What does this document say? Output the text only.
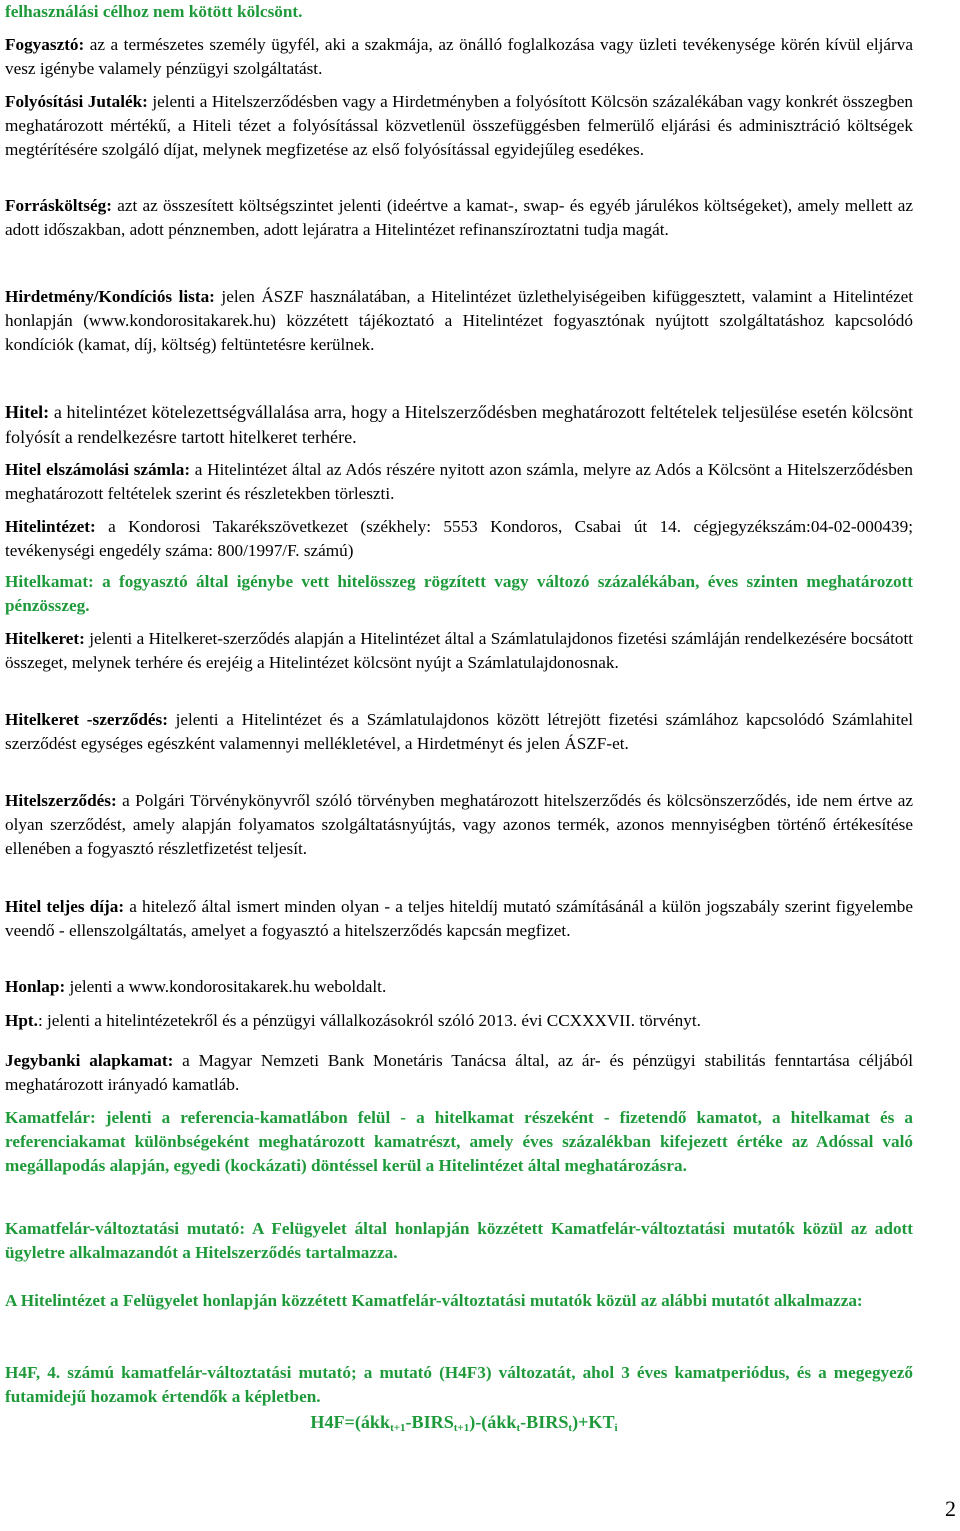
felhasználási célhoz nem kötött kölcsönt.

Fogyasztó: az a természetes személy ügyfél, aki a szakmája, az önálló foglalkozása vagy üzleti tevékenysége körén kívül eljárva vesz igénybe valamely pénzügyi szolgáltatást.

Folyósítási Jutalék: jelenti a Hitelszerződésben vagy a Hirdetményben a folyósított Kölcsön százalékában vagy konkrét összegben meghatározott mértékű, a Hiteli tézet a folyósítással közvetlenül összefüggésben felmerülő eljárási és adminisztráció költségek megtérítésére szolgáló díjat, melynek megfizetése az első folyósítással egyidejűleg esedékes.

Forrásköltség: azt az összesített költségszintet jelenti (ideértve a kamat-, swap- és egyéb járulékos költségeket), amely mellett az adott időszakban, adott pénznemben, adott lejáratra a Hitelintézet refinanszíroztatni tudja magát.

Hirdetmény/Kondíciós lista: jelen ÁSZF használatában, a Hitelintézet üzlethelyiségeiben kifüggesztett, valamint a Hitelintézet honlapján (www.kondorositakarek.hu) közzétett tájékoztató a Hitelintézet fogyasztónak nyújtott szolgáltatáshoz kapcsolódó kondíciók (kamat, díj, költség) feltüntetésre kerülnek.

Hitel: a hitelintézet kötelezettségvállalása arra, hogy a Hitelszerződésben meghatározott feltételek teljesülése esetén kölcsönt folyósít a rendelkezésre tartott hitelkeret terhére.

Hitel elszámolási számla: a Hitelintézet által az Adós részére nyitott azon számla, melyre az Adós a Kölcsönt a Hitelszerződésben meghatározott feltételek szerint és részletekben törleszti.

Hitelintézet: a Kondorosi Takarékszövetkezet (székhely: 5553 Kondoros, Csabai út 14. cégjegyzékszám:04-02-000439; tevékenységi engedély száma: 800/1997/F. számú)

Hitelkamat: a fogyasztó által igénybe vett hitelösszeg rögzített vagy változó százalékában, éves szinten meghatározott pénzösszeg.

Hitelkeret: jelenti a Hitelkeret-szerződés alapján a Hitelintézet által a Számlatulajdonos fizetési számláján rendelkezésére bocsátott összeget, melynek terhére és erejéig a Hitelintézet kölcsönt nyújt a Számlatulajdonosnak.

Hitelkeret -szerződés: jelenti a Hitelintézet és a Számlatulajdonos között létrejött fizetési számlához kapcsolódó Számlahitel szerződést egységes egészként valamennyi mellékletével, a Hirdetményt és jelen ÁSZF-et.

Hitelszerződés: a Polgári Törvénykönyvről szóló törvényben meghatározott hitelszerződés és kölcsönszerződés, ide nem értve az olyan szerződést, amely alapján folyamatos szolgáltatásnyújtás, vagy azonos termék, azonos mennyiségben történő értékesítése ellenében a fogyasztó részletfizetést teljesít.

Hitel teljes díja: a hitelező által ismert minden olyan - a teljes hiteldíj mutató számításánál a külön jogszabály szerint figyelembe veendő - ellenszolgáltatás, amelyet a fogyasztó a hitelszerződés kapcsán megfizet.

Honlap: jelenti a www.kondorositakarek.hu weboldalt.

Hpt.: jelenti a hitelintézetekről és a pénzügyi vállalkozásokról szóló 2013. évi CCXXXVII. törvényt.

Jegybanki alapkamat: a Magyar Nemzeti Bank Monetáris Tanácsa által, az ár- és pénzügyi stabilitás fenntartása céljából meghatározott irányadó kamatláb.

Kamatfelár: jelenti a referencia-kamatlábon felül - a hitelkamat részeként - fizetendő kamatot, a hitelkamat és a referenciakamat különbségeként meghatározott kamatrészt, amely éves százalékban kifejezett értéke az Adóssal való megállapodás alapján, egyedi (kockázati) döntéssel kerül a Hitelintézet által meghatározásra.

Kamatfelár-változtatási mutató: A Felügyelet által honlapján közzétett Kamatfelár-változtatási mutatók közül az adott ügyletre alkalmazandót a Hitelszerződés tartalmazza.

A Hitelintézet a Felügyelet honlapján közzétett Kamatfelár-változtatási mutatók közül az alábbi mutatót alkalmazza:

H4F, 4. számú kamatfelár-változtatási mutató; a mutató (H4F3) változatát, ahol 3 éves kamatperiódus, és a megegyező futamidejű hozamok értendők a képletben.

$H4F=(ákk_{t+1}-BIRS_{t+1})-(ákk_t-BIRS_t)+KT_i$

2
